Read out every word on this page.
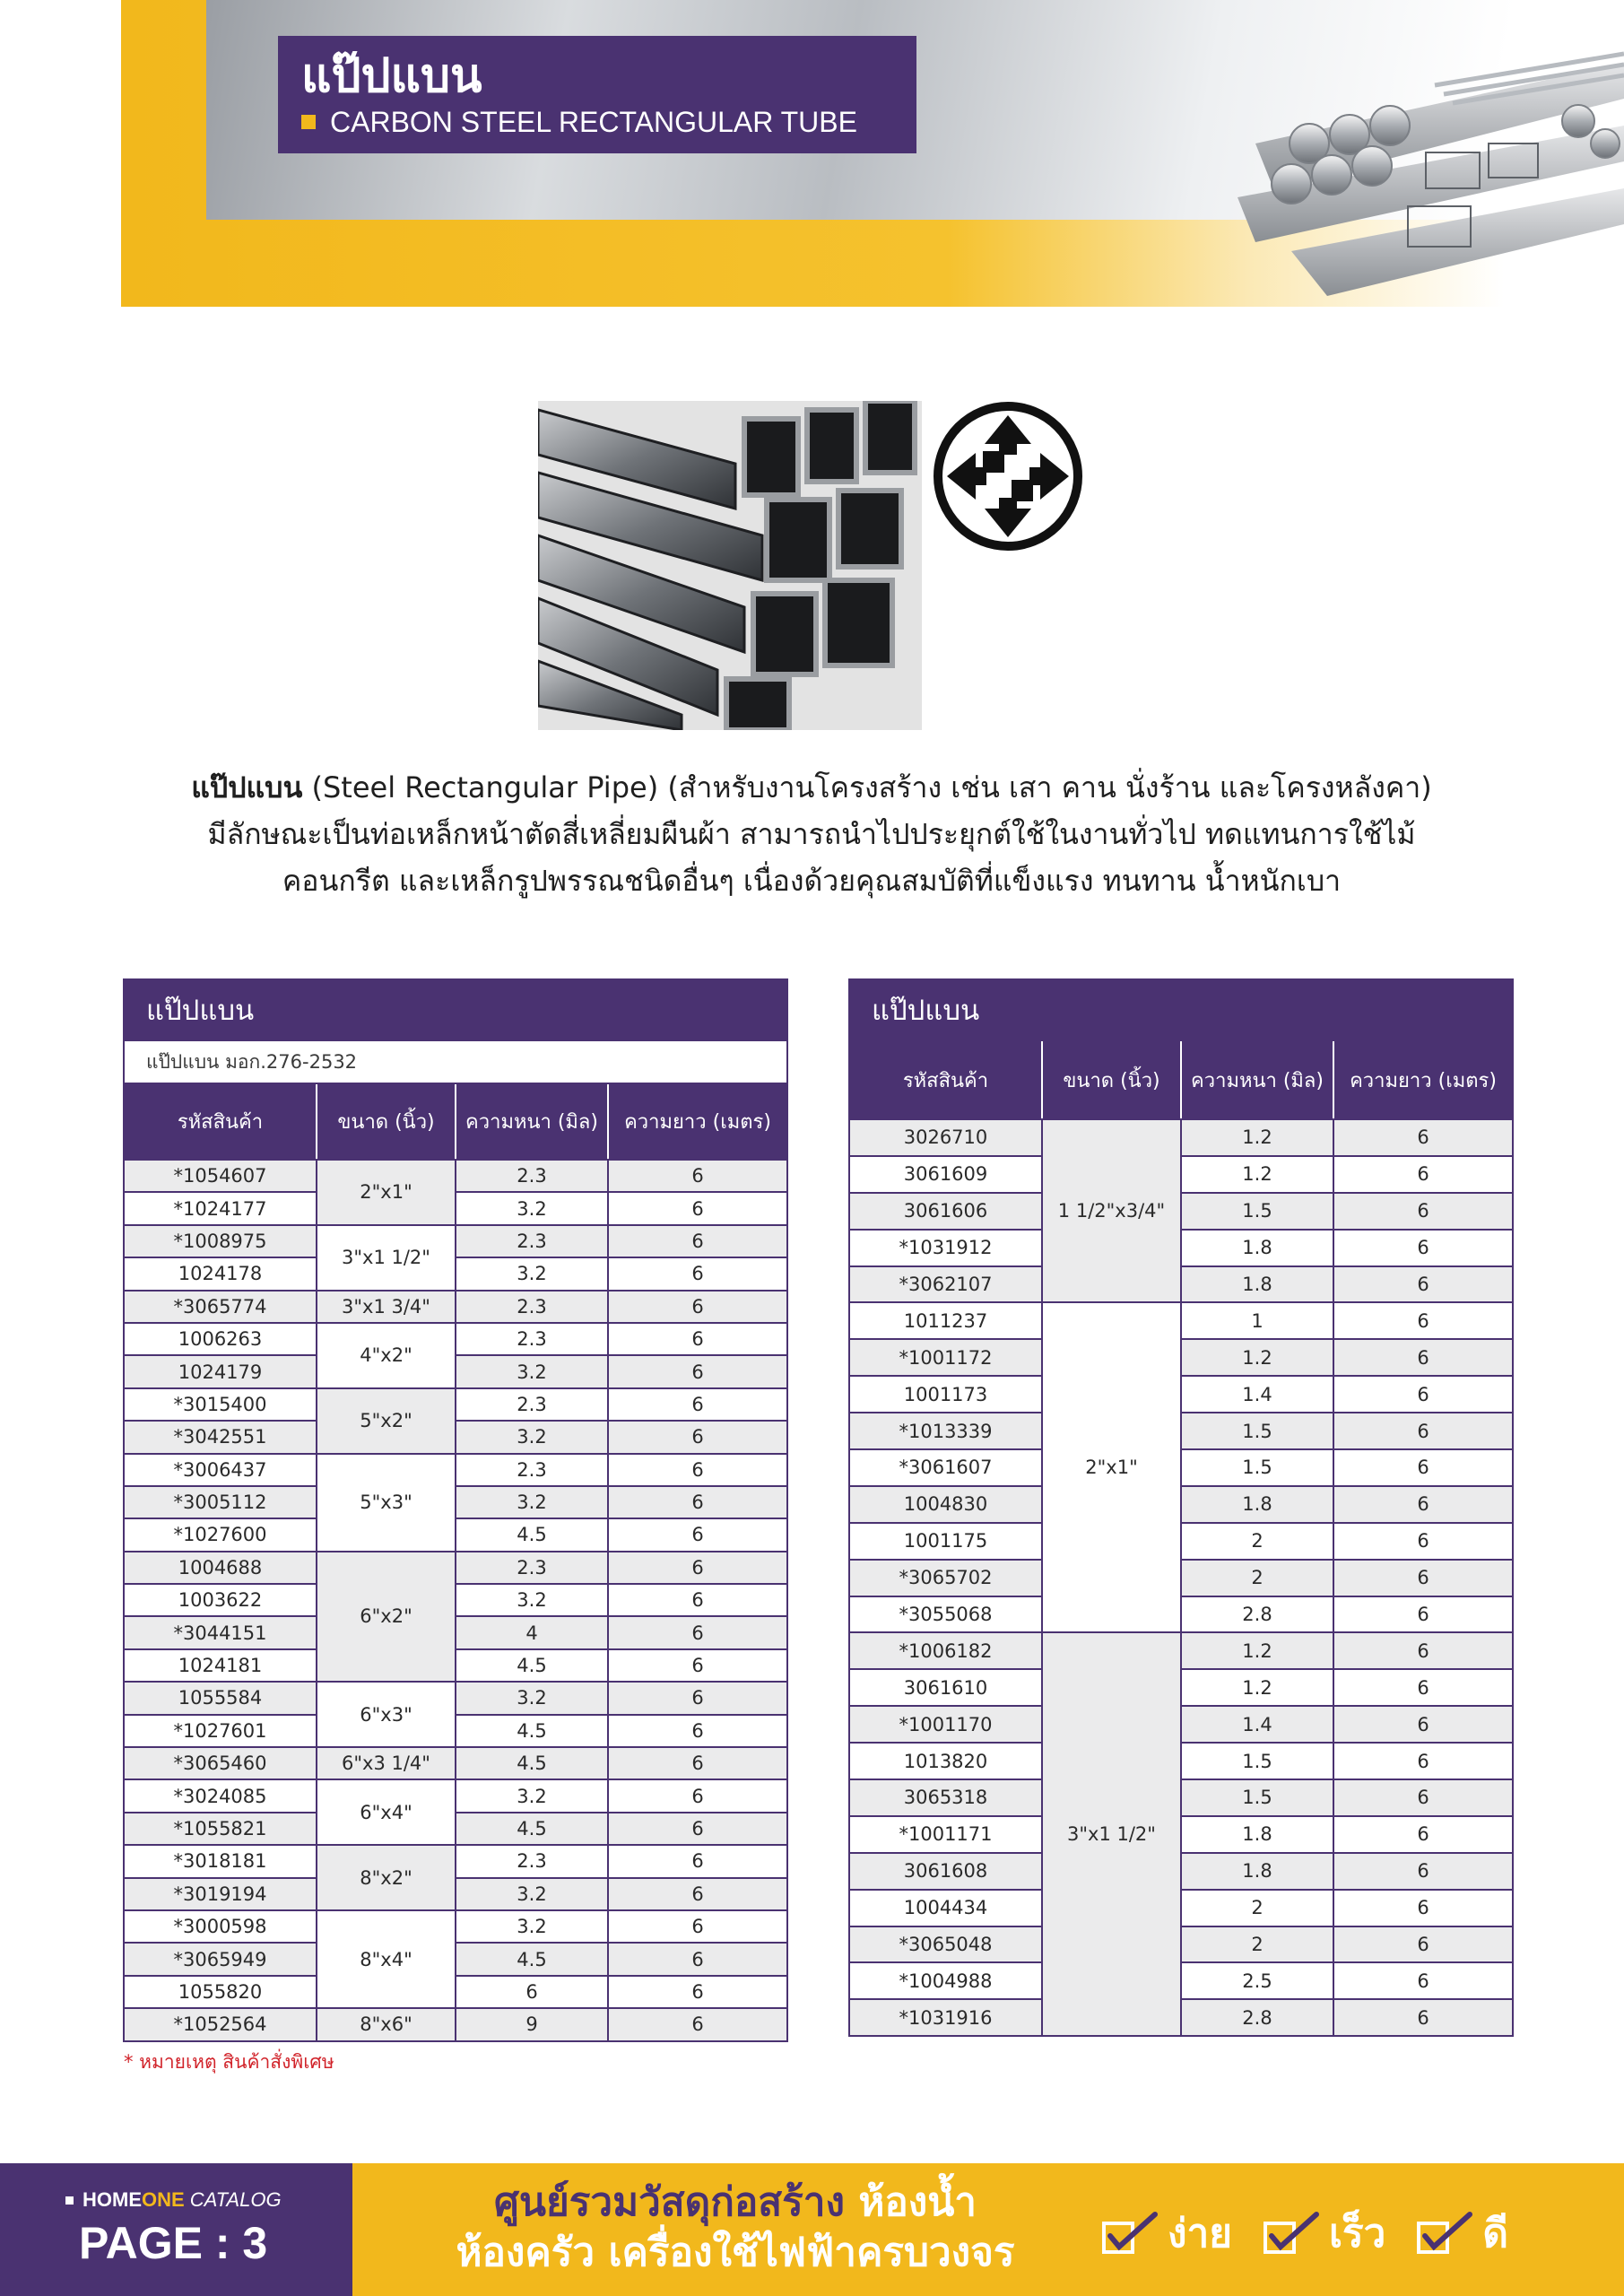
แป๊ปแบน
CARBON STEEL RECTANGULAR TUBE
แป๊ปแบน (Steel Rectangular Pipe) (สำหรับงานโครงสร้าง เช่น เสา คาน นั่งร้าน และโครงหลังคา)
มีลักษณะเป็นท่อเหล็กหน้าตัดสี่เหลี่ยมผืนผ้า สามารถนำไปประยุกต์ใช้ในงานทั่วไป ทดแทนการใช้ไม้
คอนกรีต และเหล็กรูปพรรณชนิดอื่นๆ เนื่องด้วยคุณสมบัติที่แข็งแรง ทนทาน น้ำหนักเบา
แป๊ปแบน			
แป๊ปแบน มอก.276-2532			
รหัสสินค้า	ขนาด (นิ้ว)	ความหนา (มิล)	ความยาว (เมตร)
*1054607	2"x1"	2.3	6
*1024177		3.2	6
*1008975	3"x1 1/2"	2.3	6
1024178		3.2	6
*3065774	3"x1 3/4"	2.3	6
1006263	4"x2"	2.3	6
1024179		3.2	6
*3015400	5"x2"	2.3	6
*3042551		3.2	6
*3006437	5"x3"	2.3	6
*3005112		3.2	6
*1027600		4.5	6
1004688	6"x2"	2.3	6
1003622		3.2	6
*3044151		4	6
1024181		4.5	6
1055584	6"x3"	3.2	6
*1027601		4.5	6
*3065460	6"x3 1/4"	4.5	6
*3024085	6"x4"	3.2	6
*1055821		4.5	6
*3018181	8"x2"	2.3	6
*3019194		3.2	6
*3000598	8"x4"	3.2	6
*3065949		4.5	6
1055820		6	6
*1052564	8"x6"	9	6
แป๊ปแบน			
รหัสสินค้า	ขนาด (นิ้ว)	ความหนา (มิล)	ความยาว (เมตร)
3026710	1 1/2"x3/4"	1.2	6
3061609		1.2	6
3061606		1.5	6
*1031912		1.8	6
*3062107		1.8	6
1011237	2"x1"	1	6
*1001172		1.2	6
1001173		1.4	6
*1013339		1.5	6
*3061607		1.5	6
1004830		1.8	6
1001175		2	6
*3065702		2	6
*3055068		2.8	6
*1006182	3"x1 1/2"	1.2	6
3061610		1.2	6
*1001170		1.4	6
1013820		1.5	6
3065318		1.5	6
*1001171		1.8	6
3061608		1.8	6
1004434		2	6
*3065048		2	6
*1004988		2.5	6
*1031916		2.8	6
* หมายเหตุ สินค้าสั่งพิเศษ
HOME ONE CATALOG
PAGE : 3
ศูนย์รวมวัสดุก่อสร้าง ห้องน้ำ
ห้องครัว เครื่องใช้ไฟฟ้าครบวงจร	ง่าย เร็ว ดี
